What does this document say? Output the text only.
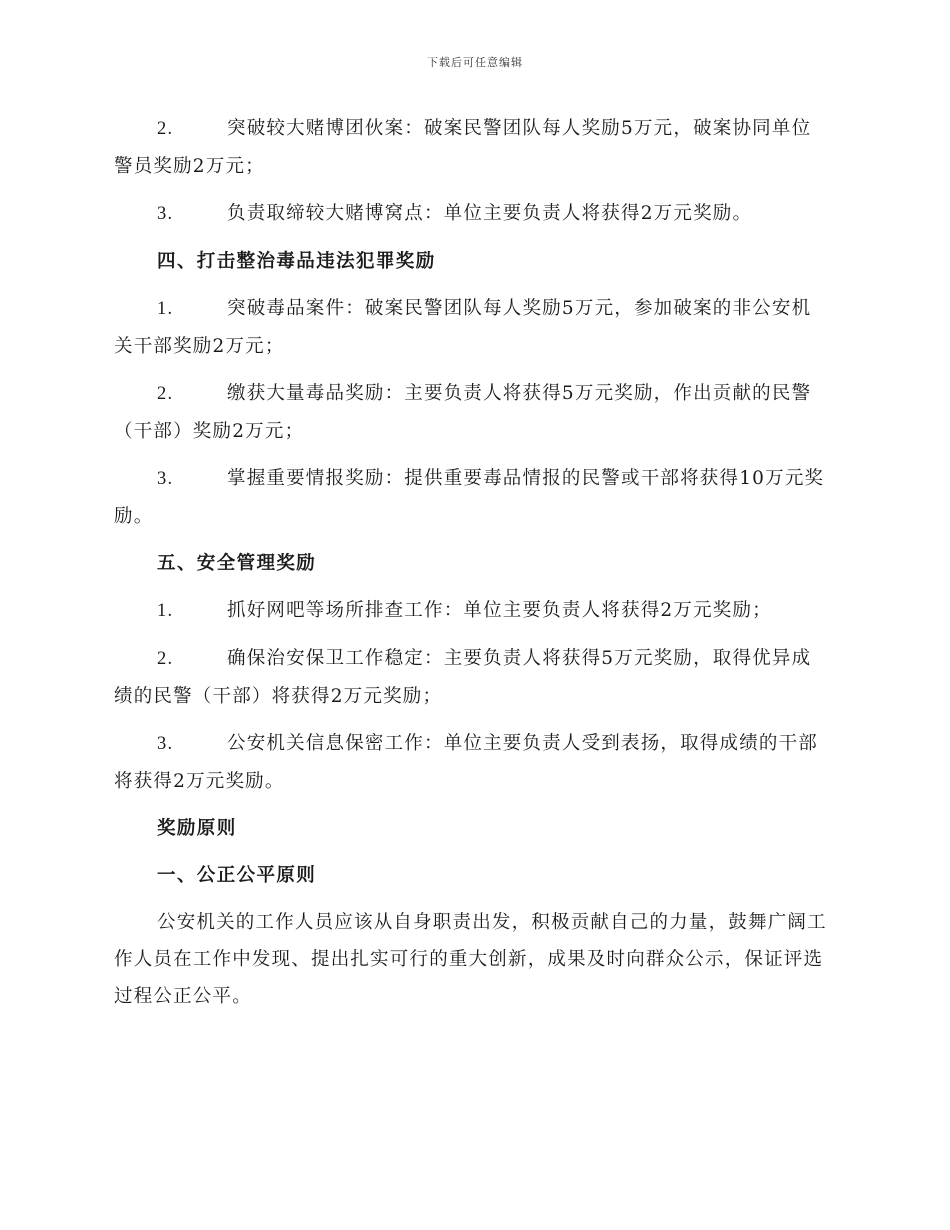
下载后可任意编辑

2.	突破较大赌博团伙案：破案民警团队每人奖励5万元，破案协同单位警员奖励2万元；

3.	负责取缔较大赌博窝点：单位主要负责人将获得2万元奖励。

四、打击整治毒品违法犯罪奖励

1.	突破毒品案件：破案民警团队每人奖励5万元，参加破案的非公安机关干部奖励2万元；

2.	缴获大量毒品奖励：主要负责人将获得5万元奖励，作出贡献的民警（干部）奖励2万元；

3.	掌握重要情报奖励：提供重要毒品情报的民警或干部将获得10万元奖励。

五、安全管理奖励

1.	抓好网吧等场所排查工作：单位主要负责人将获得2万元奖励；

2.	确保治安保卫工作稳定：主要负责人将获得5万元奖励，取得优异成绩的民警（干部）将获得2万元奖励；

3.	公安机关信息保密工作：单位主要负责人受到表扬，取得成绩的干部将获得2万元奖励。

奖励原则

一、公正公平原则

公安机关的工作人员应该从自身职责出发，积极贡献自己的力量，鼓舞广阔工作人员在工作中发现、提出扎实可行的重大创新，成果及时向群众公示，保证评选过程公正公平。
